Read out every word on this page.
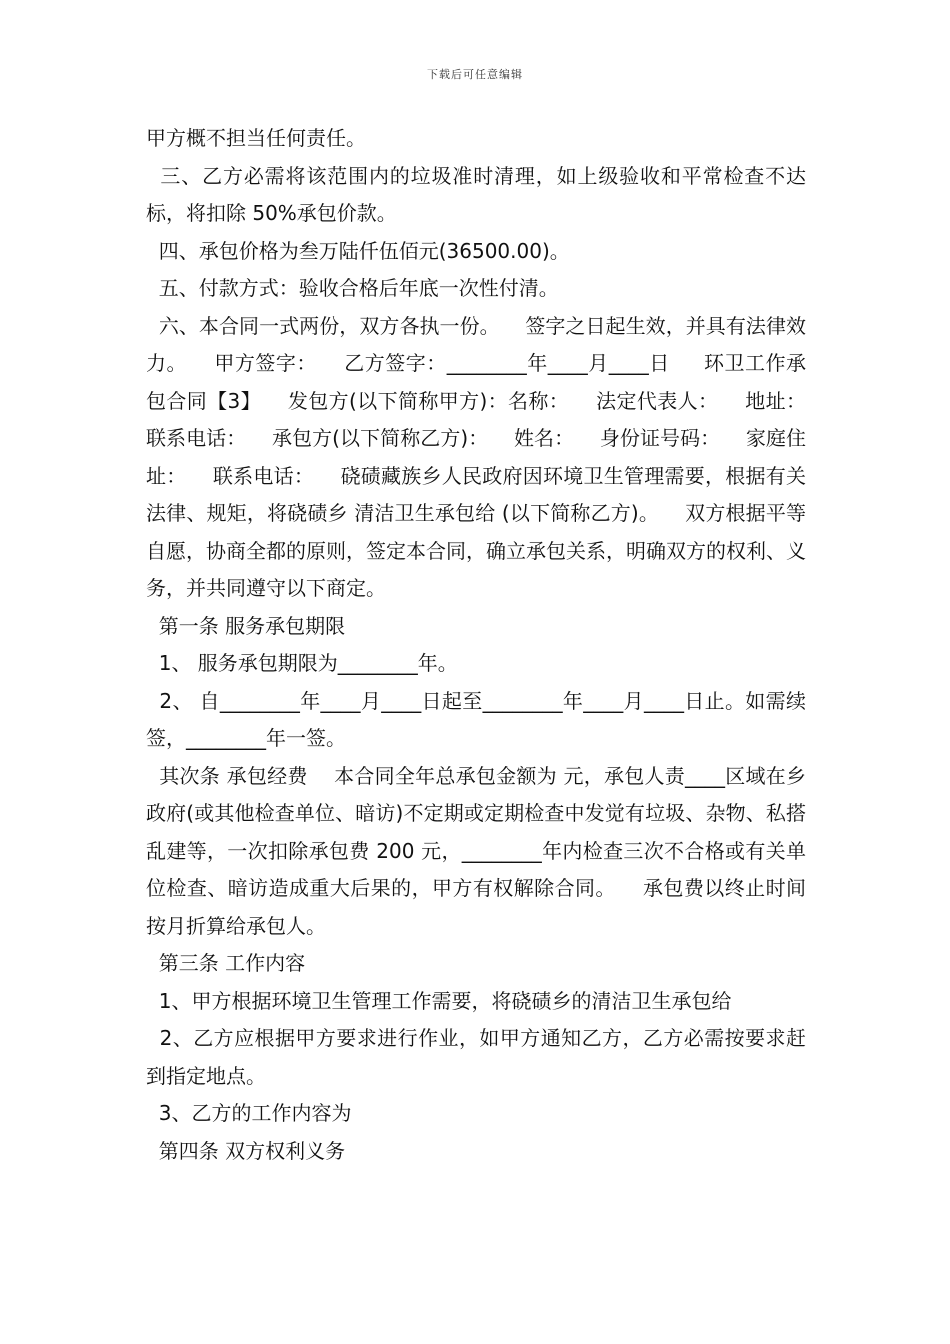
下载后可任意编辑

甲方概不担当任何责任。

三、乙方必需将该范围内的垃圾准时清理，如上级验收和平常检查不达标，将扣除 50%承包价款。

四、承包价格为叁万陆仟伍佰元(36500.00)。

五、付款方式：验收合格后年底一次性付清。

六、本合同一式两份，双方各执一份。    签字之日起生效，并具有法律效力。    甲方签字：    乙方签字：________年____月____日     环卫工作承包合同【3】    发包方(以下简称甲方)：名称：    法定代表人：    地址：    联系电话：    承包方(以下简称乙方)：    姓名：    身份证号码：    家庭住址：    联系电话：    硗碛藏族乡人民政府因环境卫生管理需要，根据有关法律、规矩，将硗碛乡 清洁卫生承包给 (以下简称乙方)。    双方根据平等自愿，协商全都的原则，签定本合同，确立承包关系，明确双方的权利、义务，并共同遵守以下商定。

第一条 服务承包期限

1、 服务承包期限为________年。

2、 自________年____月____日起至________年____月____日止。如需续签，________年一签。

其次条 承包经费    本合同全年总承包金额为 元，承包人责____区域在乡政府(或其他检查单位、暗访)不定期或定期检查中发觉有垃圾、杂物、私搭乱建等，一次扣除承包费 200 元，________年内检查三次不合格或有关单位检查、暗访造成重大后果的，甲方有权解除合同。    承包费以终止时间按月折算给承包人。

第三条 工作内容

1、甲方根据环境卫生管理工作需要，将硗碛乡的清洁卫生承包给

2、乙方应根据甲方要求进行作业，如甲方通知乙方，乙方必需按要求赶到指定地点。

3、乙方的工作内容为

第四条 双方权利义务
